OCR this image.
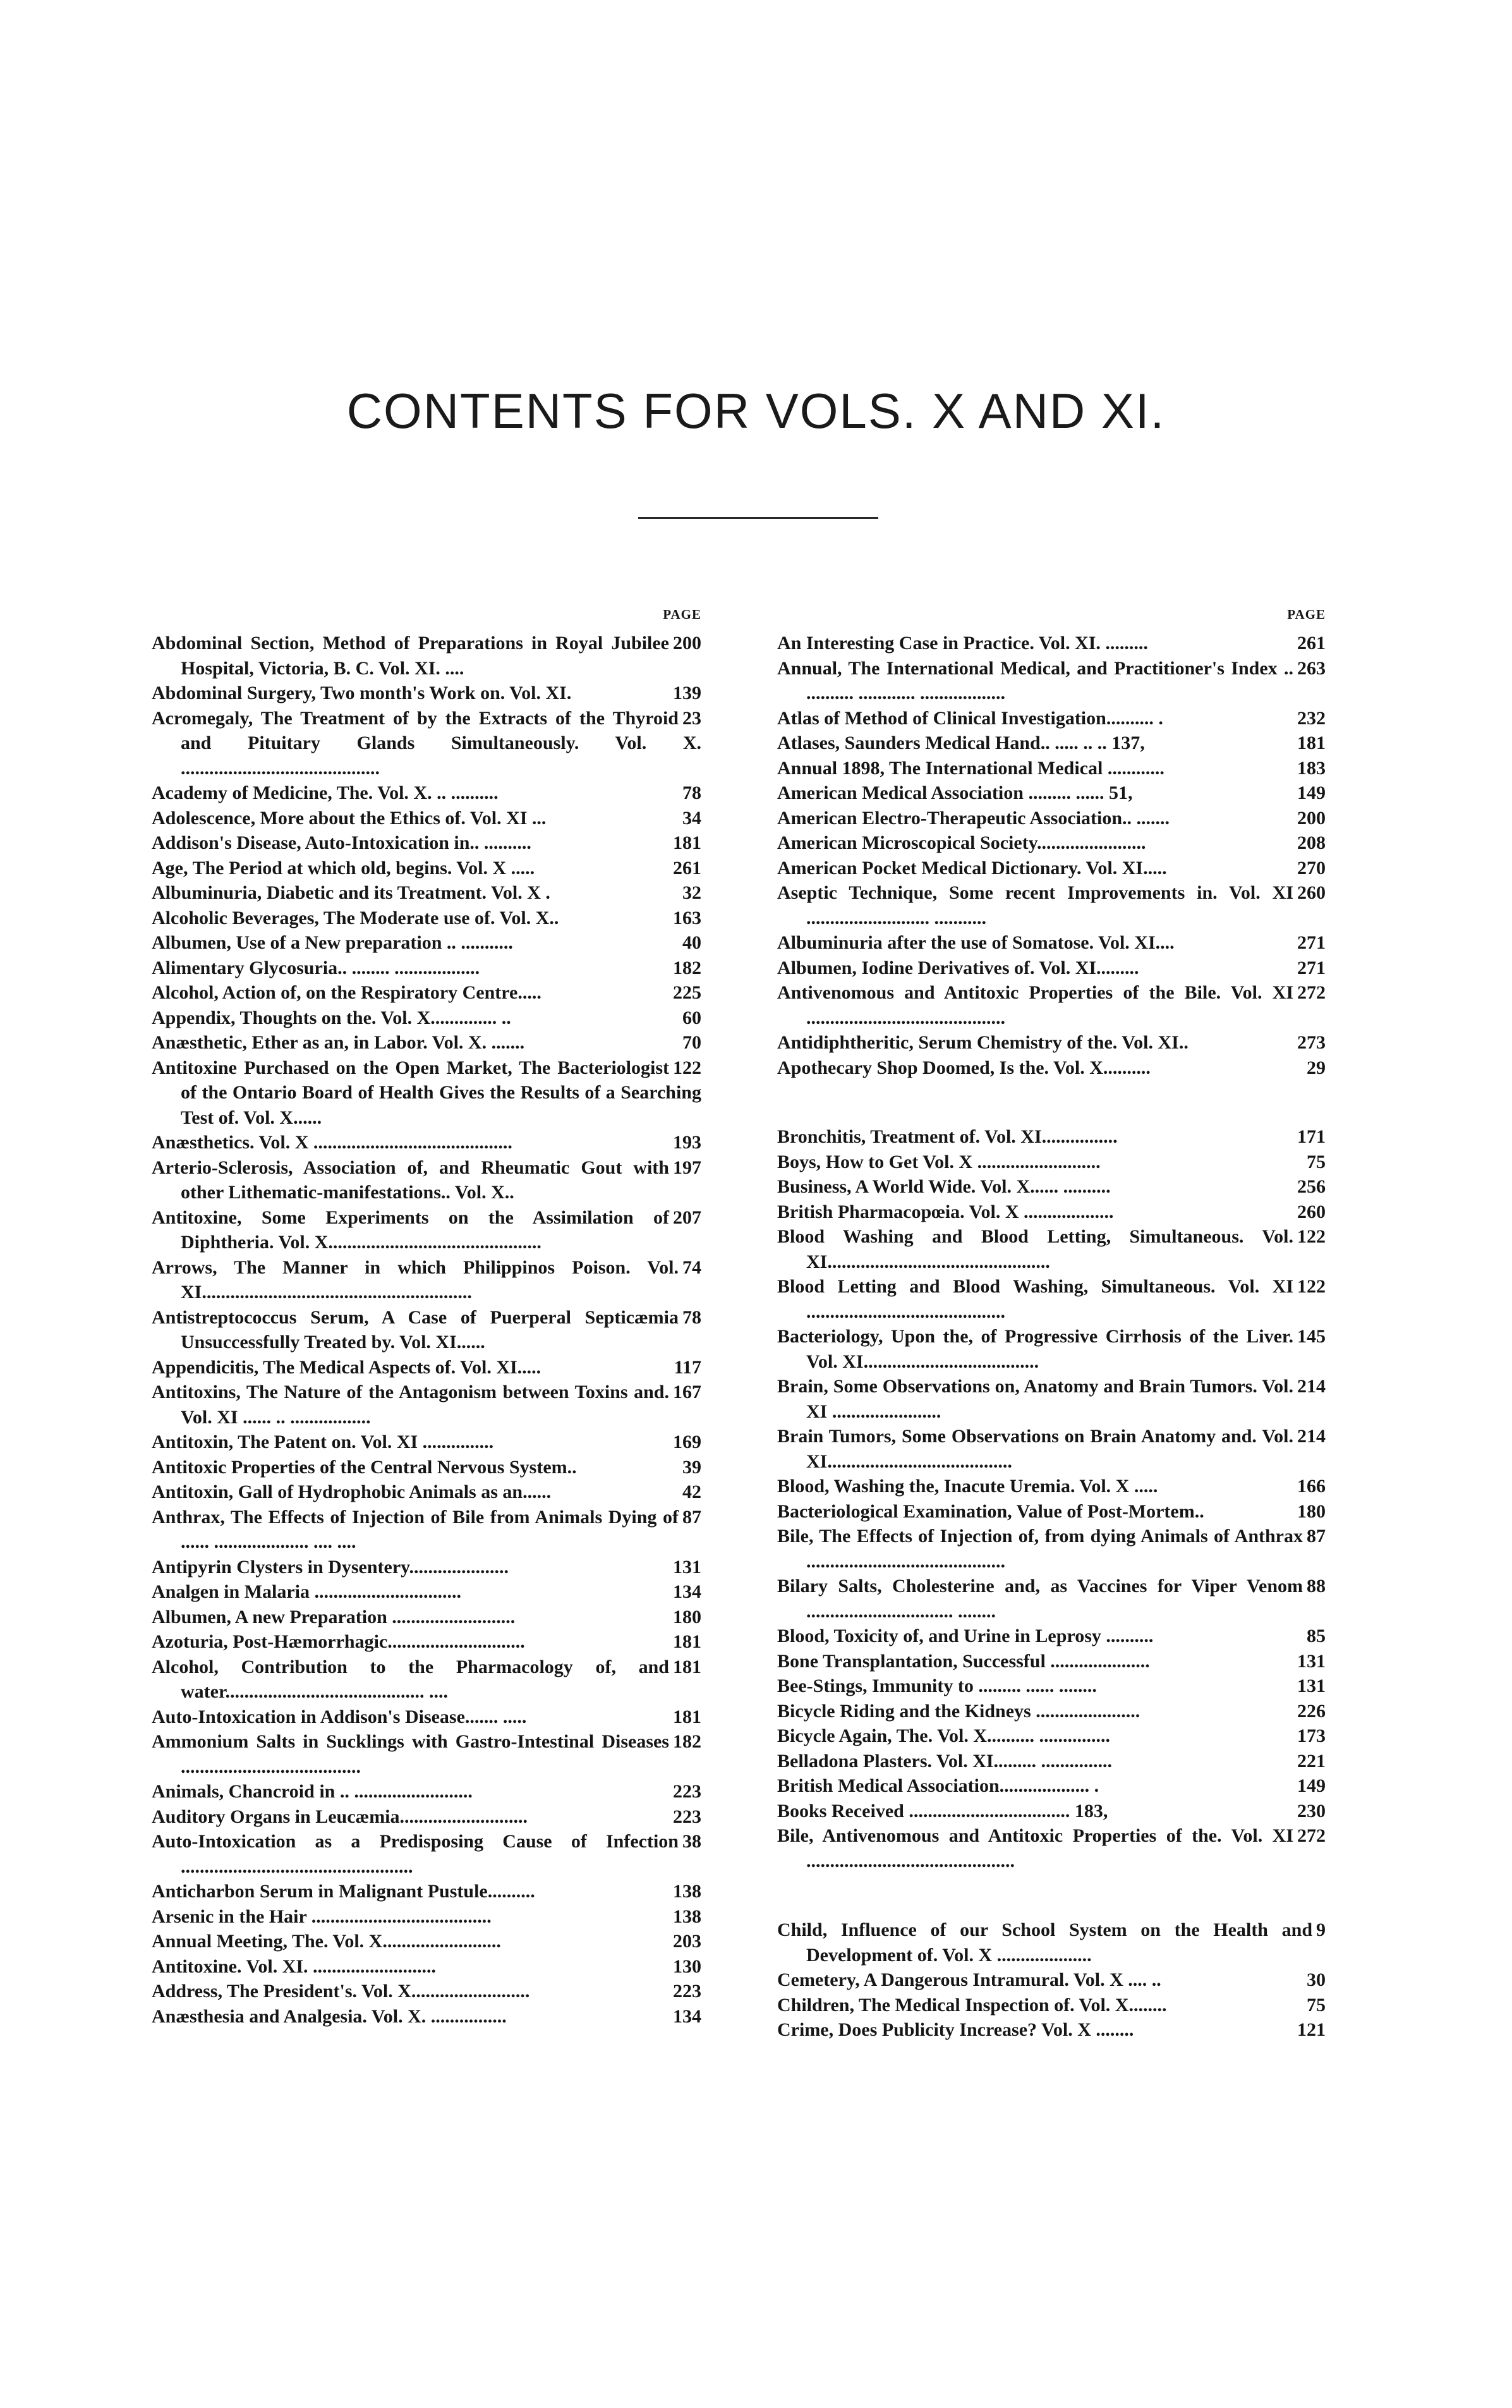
CONTENTS FOR VOLS. X AND XI.
PAGE
200
Abdominal Section, Method of Preparations in Royal Jubilee Hospital, Victoria, B. C. Vol. XI. ....
139
Abdominal Surgery, Two month's Work on. Vol. XI.
23
Acromegaly, The Treatment of by the Extracts of the Thyroid and Pituitary Glands Simultaneously. Vol. X. ..........................................
78
Academy of Medicine, The. Vol. X. .. ..........
34
Adolescence, More about the Ethics of. Vol. XI ...
181
Addison's Disease, Auto-Intoxication in.. ..........
261
Age, The Period at which old, begins. Vol. X .....
32
Albuminuria, Diabetic and its Treatment. Vol. X .
163
Alcoholic Beverages, The Moderate use of. Vol. X..
40
Albumen, Use of a New preparation .. ...........
182
Alimentary Glycosuria.. ........ ..................
225
Alcohol, Action of, on the Respiratory Centre.....
60
Appendix, Thoughts on the. Vol. X.............. ..
70
Anæsthetic, Ether as an, in Labor. Vol. X. .......
122
Antitoxine Purchased on the Open Market, The Bacteriologist of the Ontario Board of Health Gives the Results of a Searching Test of. Vol. X......
193
Anæsthetics. Vol. X ..........................................
197
Arterio-Sclerosis, Association of, and Rheumatic Gout with other Lithematic-manifestations.. Vol. X..
207
Antitoxine, Some Experiments on the Assimilation of Diphtheria. Vol. X.............................................
74
Arrows, The Manner in which Philippinos Poison. Vol. XI.........................................................
78
Antistreptococcus Serum, A Case of Puerperal Septicæmia Unsuccessfully Treated by. Vol. XI......
117
Appendicitis, The Medical Aspects of. Vol. XI.....
167
Antitoxins, The Nature of the Antagonism between Toxins and. Vol. XI ...... .. .................
169
Antitoxin, The Patent on. Vol. XI ...............
39
Antitoxic Properties of the Central Nervous System..
42
Antitoxin, Gall of Hydrophobic Animals as an......
87
Anthrax, The Effects of Injection of Bile from Animals Dying of ...... .................... .... ....
131
Antipyrin Clysters in Dysentery.....................
134
Analgen in Malaria ...............................
180
Albumen, A new Preparation ..........................
181
Azoturia, Post-Hæmorrhagic.............................
181
Alcohol, Contribution to the Pharmacology of, and water.......................................... ....
181
Auto-Intoxication in Addison's Disease....... .....
182
Ammonium Salts in Sucklings with Gastro-Intestinal Diseases ......................................
223
Animals, Chancroid in .. .........................
223
Auditory Organs in Leucæmia...........................
38
Auto-Intoxication as a Predisposing Cause of Infection .................................................
138
Anticharbon Serum in Malignant Pustule..........
138
Arsenic in the Hair ......................................
203
Annual Meeting, The. Vol. X.........................
130
Antitoxine. Vol. XI. ..........................
223
Address, The President's. Vol. X.........................
134
Anæsthesia and Analgesia. Vol. X. ................
PAGE
261
An Interesting Case in Practice. Vol. XI. .........
263
Annual, The International Medical, and Practitioner's Index .. .......... ............ ..................
232
Atlas of Method of Clinical Investigation.......... .
181
Atlases, Saunders Medical Hand.. ..... .. .. 137,
183
Annual 1898, The International Medical ............
149
American Medical Association ......... ...... 51,
200
American Electro-Therapeutic Association.. .......
208
American Microscopical Society.......................
270
American Pocket Medical Dictionary. Vol. XI.....
260
Aseptic Technique, Some recent Improvements in. Vol. XI .......................... ...........
271
Albuminuria after the use of Somatose. Vol. XI....
271
Albumen, Iodine Derivatives of. Vol. XI.........
272
Antivenomous and Antitoxic Properties of the Bile. Vol. XI ..........................................
273
Antidiphtheritic, Serum Chemistry of the. Vol. XI..
29
Apothecary Shop Doomed, Is the. Vol. X..........
171
Bronchitis, Treatment of. Vol. XI................
75
Boys, How to Get Vol. X ..........................
256
Business, A World Wide. Vol. X...... ..........
260
British Pharmacopœia. Vol. X ...................
122
Blood Washing and Blood Letting, Simultaneous. Vol. XI...............................................
122
Blood Letting and Blood Washing, Simultaneous. Vol. XI ..........................................
145
Bacteriology, Upon the, of Progressive Cirrhosis of the Liver. Vol. XI.....................................
214
Brain, Some Observations on, Anatomy and Brain Tumors. Vol. XI .......................
214
Brain Tumors, Some Observations on Brain Anatomy and. Vol. XI.......................................
166
Blood, Washing the, Inacute Uremia. Vol. X .....
180
Bacteriological Examination, Value of Post-Mortem..
87
Bile, The Effects of Injection of, from dying Animals of Anthrax ..........................................
88
Bilary Salts, Cholesterine and, as Vaccines for Viper Venom ............................... ........
85
Blood, Toxicity of, and Urine in Leprosy ..........
131
Bone Transplantation, Successful .....................
131
Bee-Stings, Immunity to ......... ...... ........
226
Bicycle Riding and the Kidneys ......................
173
Bicycle Again, The. Vol. X.......... ...............
221
Belladona Plasters. Vol. XI......... ...............
149
British Medical Association................... .
230
Books Received .................................. 183,
272
Bile, Antivenomous and Antitoxic Properties of the. Vol. XI ............................................
9
Child, Influence of our School System on the Health and Development of. Vol. X ....................
30
Cemetery, A Dangerous Intramural. Vol. X .... ..
75
Children, The Medical Inspection of. Vol. X........
121
Crime, Does Publicity Increase? Vol. X ........
